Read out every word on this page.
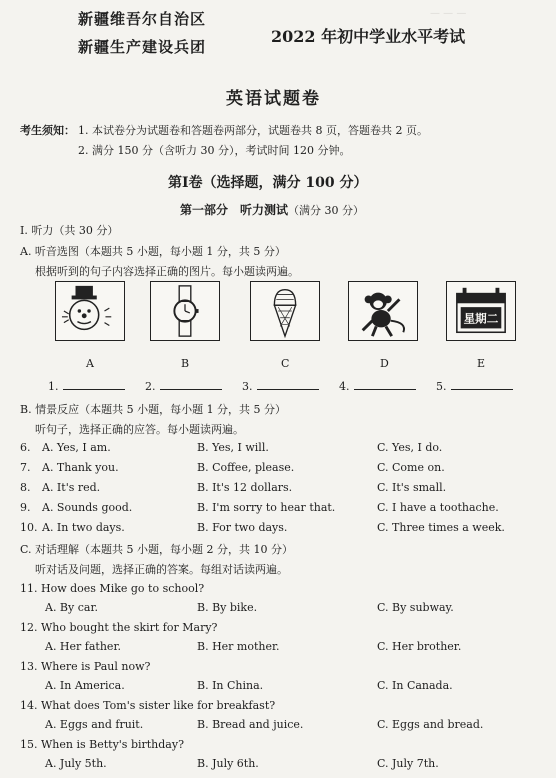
— — —
新疆维吾尔自治区
新疆生产建设兵团
2022 年初中学业水平考试
英语试题卷
考生须知： 1. 本试卷分为试题卷和答题卷两部分，试题卷共 8 页，答题卷共 2 页。
2. 满分 150 分（含听力 30 分），考试时间 120 分钟。
第Ⅰ卷（选择题，满分 100 分）
第一部分　听力测试（满分 30 分）
Ⅰ. 听力（共 30 分）
A. 听音选图（本题共 5 小题，每小题 1 分，共 5 分）
根据听到的句子内容选择正确的图片。每小题读两遍。
星期二
A	B	C	D	E
1.	2.	3.	4.	5.
B. 情景反应（本题共 5 小题，每小题 1 分，共 5 分）
听句子，选择正确的应答。每小题读两遍。
6. A. Yes, I am.	B. Yes, I will.	C. Yes, I do.
7. A. Thank you.	B. Coffee, please.	C. Come on.
8. A. It's red.	B. It's 12 dollars.	C. It's small.
9. A. Sounds good.	B. I'm sorry to hear that.	C. I have a toothache.
10. A. In two days.	B. For two days.	C. Three times a week.
C. 对话理解（本题共 5 小题，每小题 2 分，共 10 分）
听对话及问题，选择正确的答案。每组对话读两遍。
11. How does Mike go to school?
A. By car.	B. By bike.	C. By subway.
12. Who bought the skirt for Mary?
A. Her father.	B. Her mother.	C. Her brother.
13. Where is Paul now?
A. In America.	B. In China.	C. In Canada.
14. What does Tom's sister like for breakfast?
A. Eggs and fruit.	B. Bread and juice.	C. Eggs and bread.
15. When is Betty's birthday?
A. July 5th.	B. July 6th.	C. July 7th.
